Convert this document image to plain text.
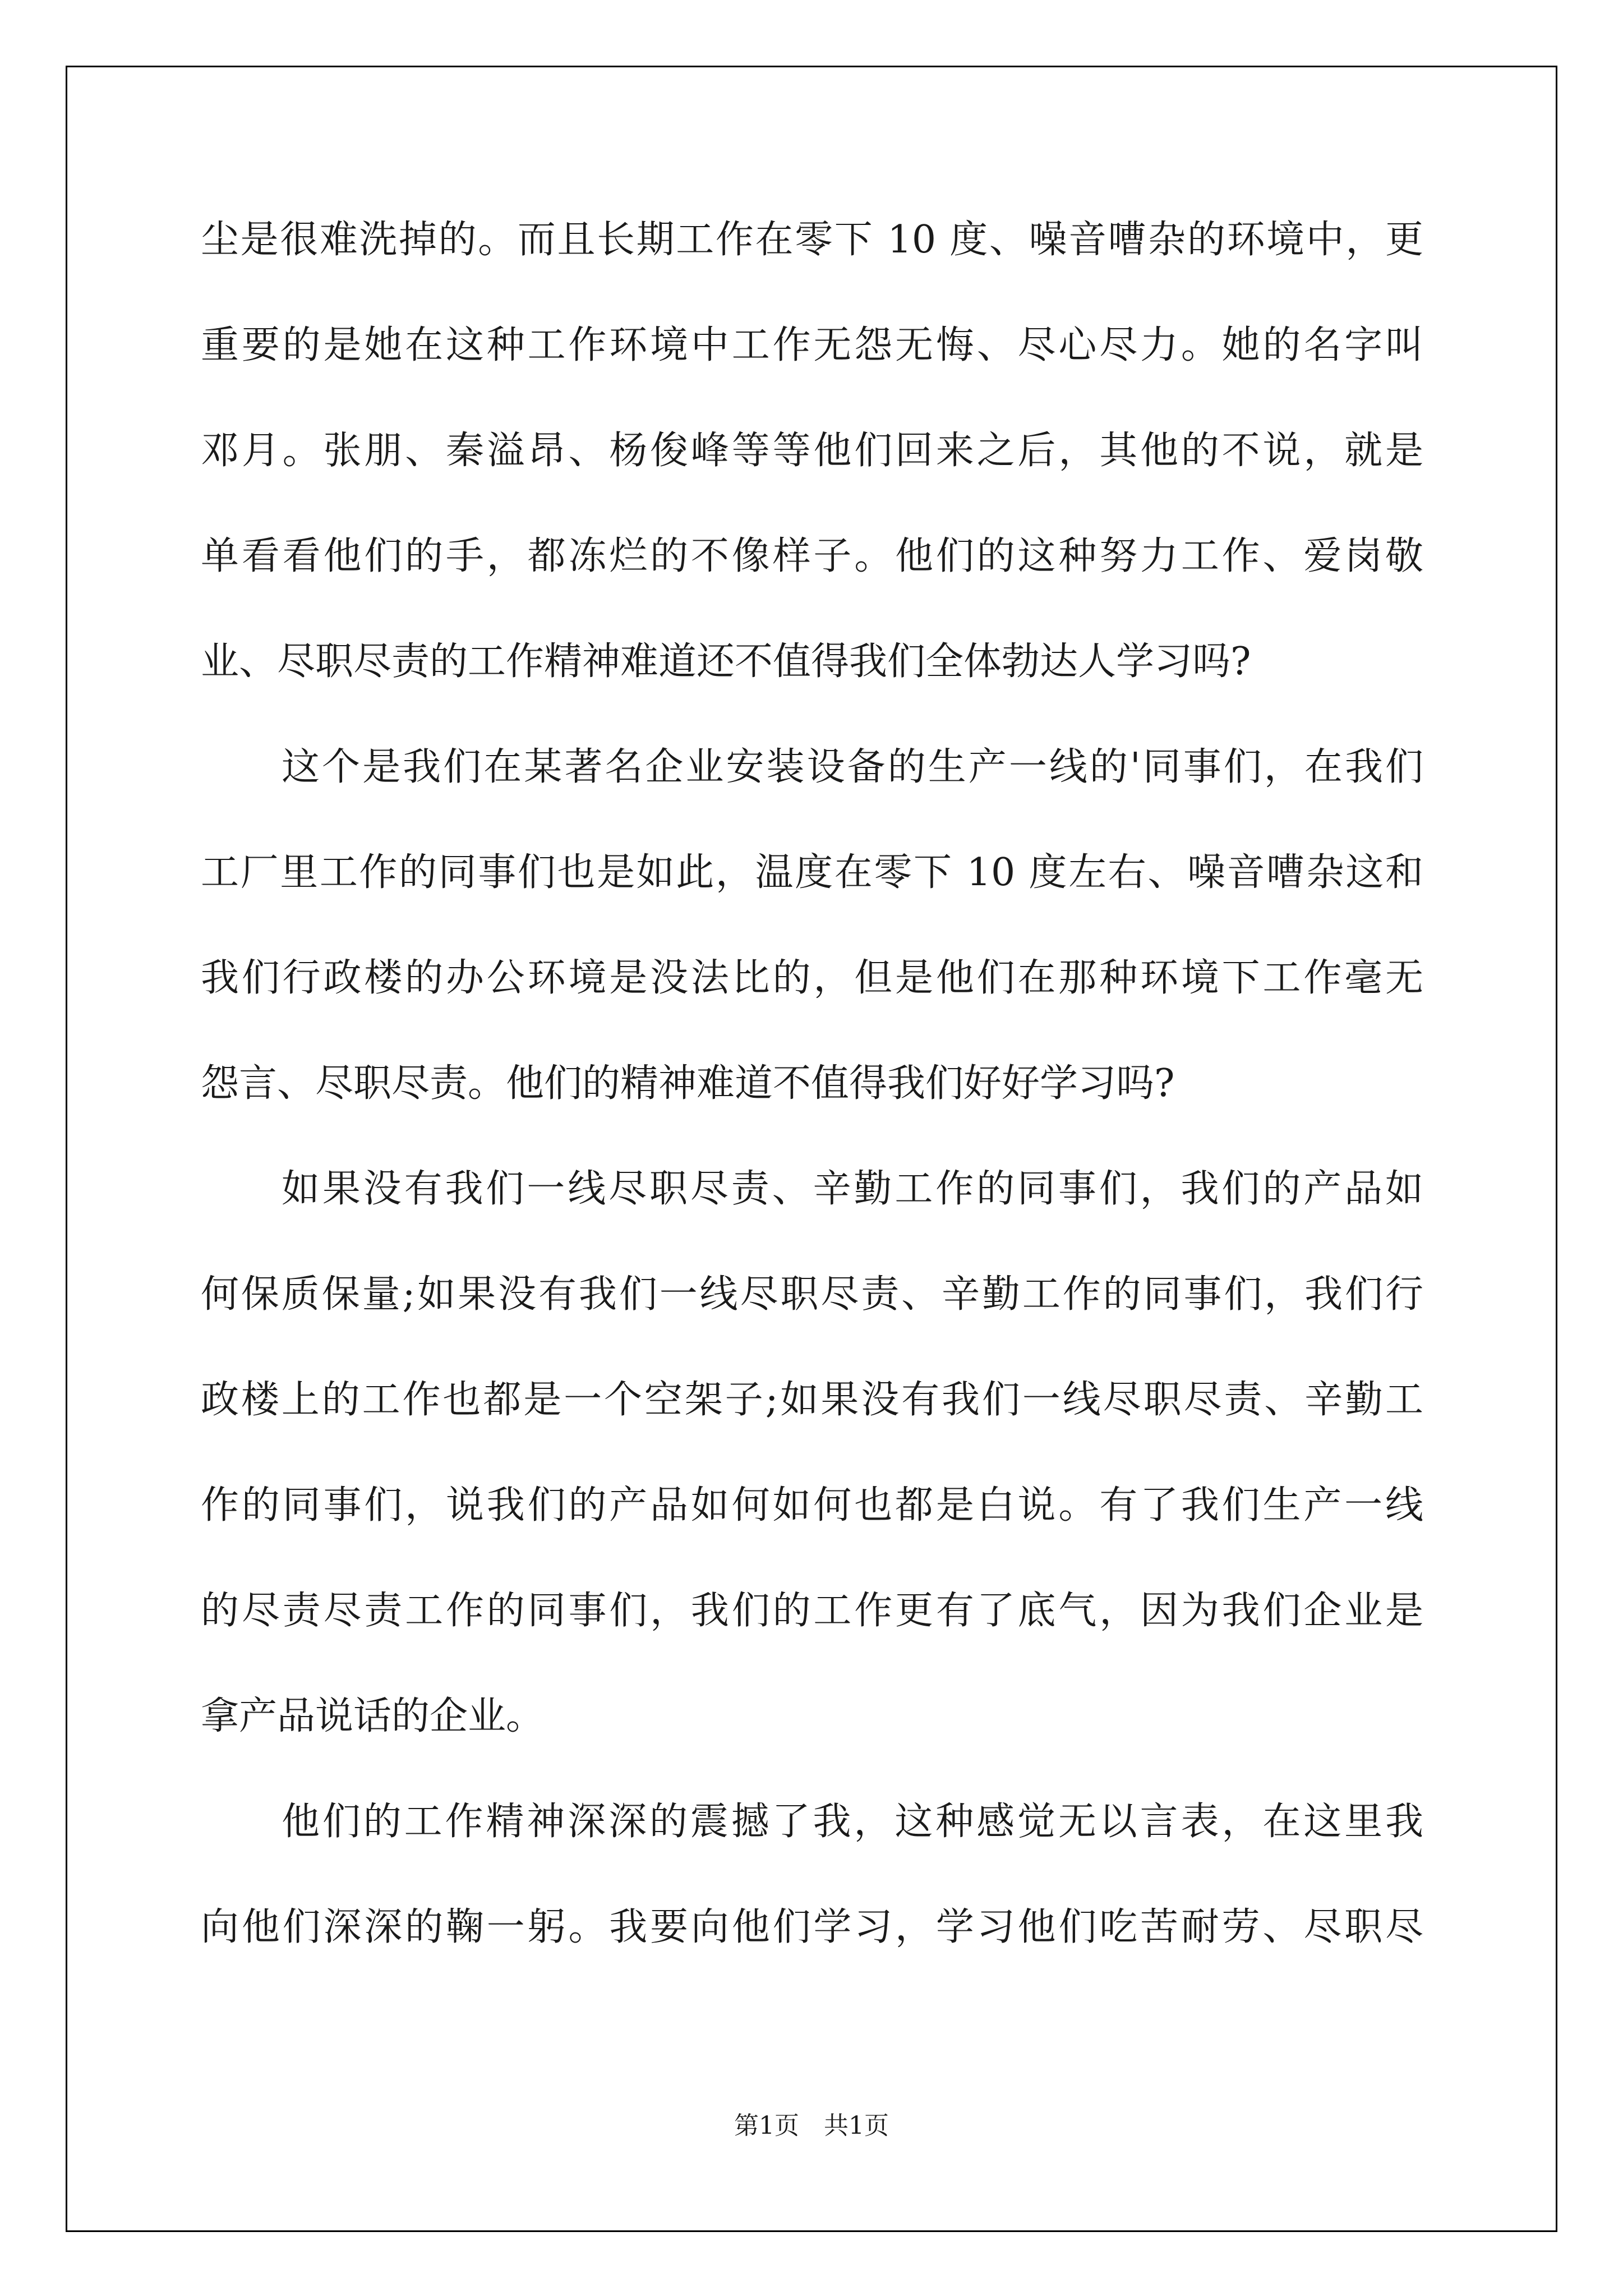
尘是很难洗掉的。而且长期工作在零下 10 度、噪音嘈杂的环境中，更
重要的是她在这种工作环境中工作无怨无悔、尽心尽力。她的名字叫
邓月。张朋、秦溢昂、杨俊峰等等他们回来之后，其他的不说，就是
单看看他们的手，都冻烂的不像样子。他们的这种努力工作、爱岗敬
业、尽职尽责的工作精神难道还不值得我们全体勃达人学习吗?
这个是我们在某著名企业安装设备的生产一线的'同事们，在我们
工厂里工作的同事们也是如此，温度在零下 10 度左右、噪音嘈杂这和
我们行政楼的办公环境是没法比的，但是他们在那种环境下工作毫无
怨言、尽职尽责。他们的精神难道不值得我们好好学习吗?
如果没有我们一线尽职尽责、辛勤工作的同事们，我们的产品如
何保质保量;如果没有我们一线尽职尽责、辛勤工作的同事们，我们行
政楼上的工作也都是一个空架子;如果没有我们一线尽职尽责、辛勤工
作的同事们，说我们的产品如何如何也都是白说。有了我们生产一线
的尽责尽责工作的同事们，我们的工作更有了底气，因为我们企业是
拿产品说话的企业。
他们的工作精神深深的震撼了我，这种感觉无以言表，在这里我
向他们深深的鞠一躬。我要向他们学习，学习他们吃苦耐劳、尽职尽
第1页 共1页
